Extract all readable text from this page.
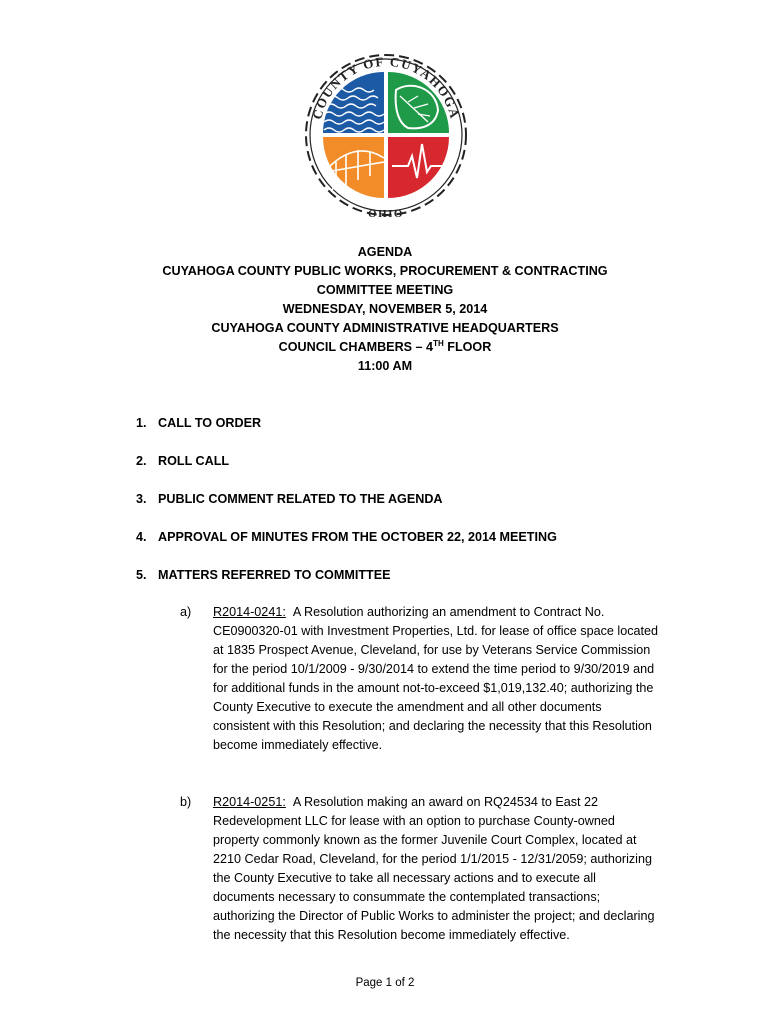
COUNTY OF CUYAHOGA
OHIO
AGENDA
CUYAHOGA COUNTY PUBLIC WORKS, PROCUREMENT & CONTRACTING
COMMITTEE MEETING
WEDNESDAY, NOVEMBER 5, 2014
CUYAHOGA COUNTY ADMINISTRATIVE HEADQUARTERS
COUNCIL CHAMBERS – 4TH FLOOR
11:00 AM
1. CALL TO ORDER
2. ROLL CALL
3. PUBLIC COMMENT RELATED TO THE AGENDA
4. APPROVAL OF MINUTES FROM THE OCTOBER 22, 2014 MEETING
5. MATTERS REFERRED TO COMMITTEE
a) R2014-0241: A Resolution authorizing an amendment to Contract No. CE0900320-01 with Investment Properties, Ltd. for lease of office space located at 1835 Prospect Avenue, Cleveland, for use by Veterans Service Commission for the period 10/1/2009 - 9/30/2014 to extend the time period to 9/30/2019 and for additional funds in the amount not-to-exceed $1,019,132.40; authorizing the County Executive to execute the amendment and all other documents consistent with this Resolution; and declaring the necessity that this Resolution become immediately effective.
b) R2014-0251: A Resolution making an award on RQ24534 to East 22 Redevelopment LLC for lease with an option to purchase County-owned property commonly known as the former Juvenile Court Complex, located at 2210 Cedar Road, Cleveland, for the period 1/1/2015 - 12/31/2059; authorizing the County Executive to take all necessary actions and to execute all documents necessary to consummate the contemplated transactions; authorizing the Director of Public Works to administer the project; and declaring the necessity that this Resolution become immediately effective.
Page 1 of 2
